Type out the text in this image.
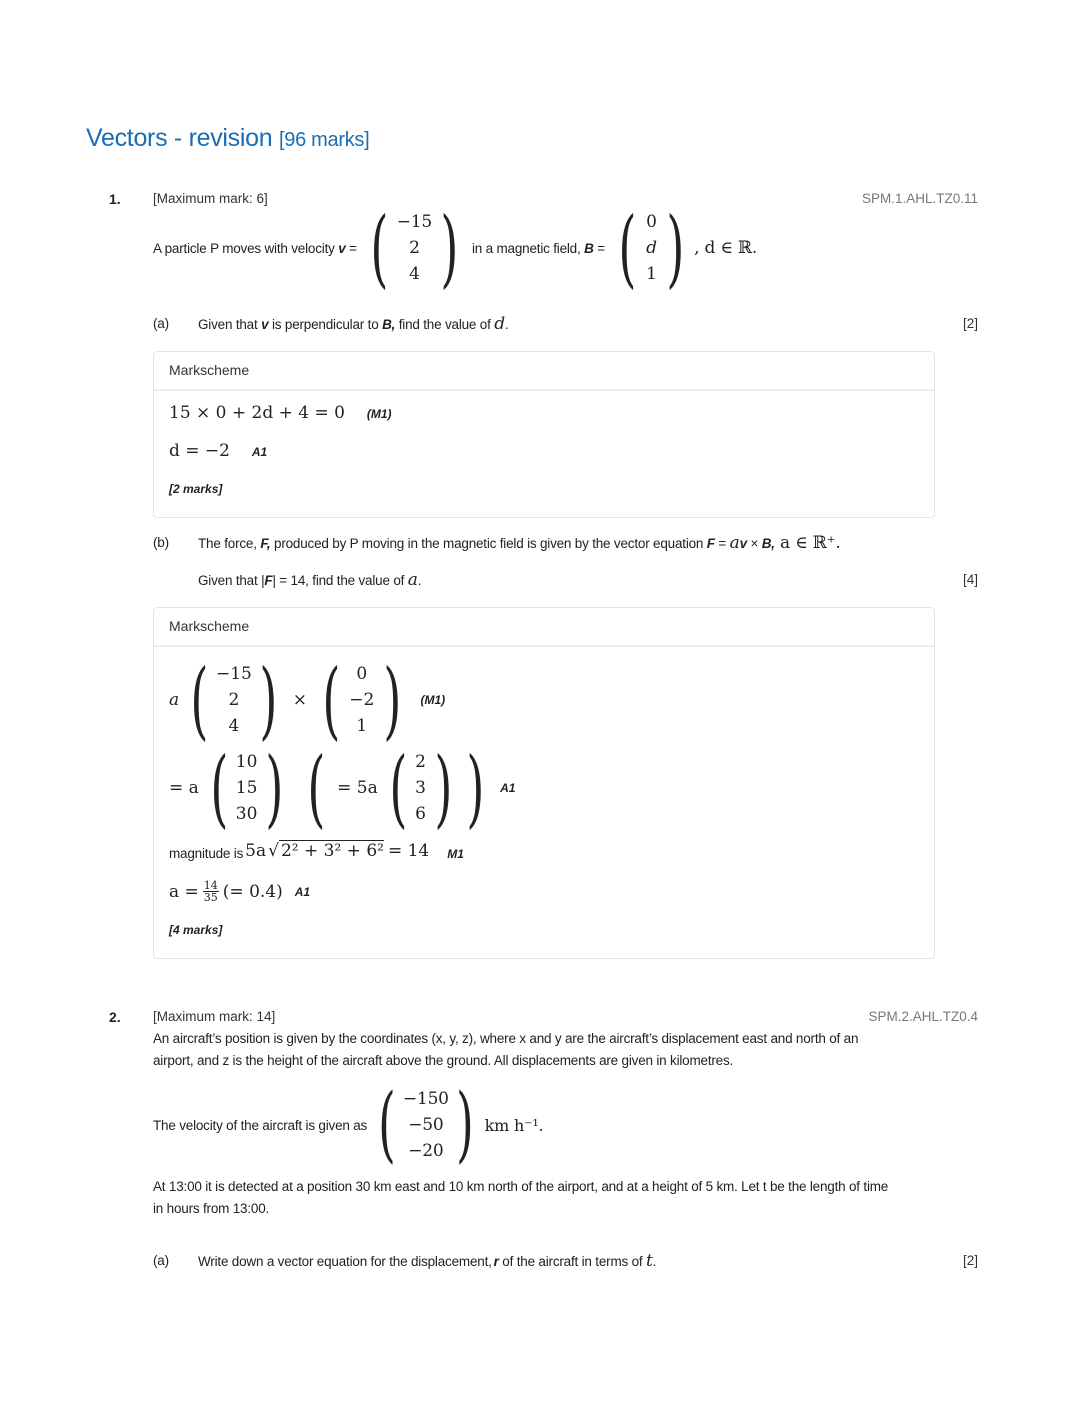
Vectors - revision [96 marks]
1. [Maximum mark: 6]	SPM.1.AHL.TZ0.11
A particle P moves with velocity
v
= ( −15
2
4 ) in a magnetic field,
B
= ( 0
d
1 ) , d ∈ ℝ.
(a) Given that v is perpendicular to B, find the value of d.	[2]
Markscheme
15 × 0 + 2d + 4 = 0 (M1)
d = −2 A1
[2 marks]
(b) The force, F, produced by P moving in the magnetic field is given by the vector equation F = av × B, a ∈ ℝ⁺.
Given that |F| = 14, find the value of a.	[4]
Markscheme
a ( −15
2
4 ) × ( 0
−2
1 ) (M1)
= a ( 10
15
30 ) ( = 5a ( 2
3
6 ) ) A1
magnitude is 5a √ 2² + 3² + 6² = 14 M1
$a = \frac{14}{35}$ (= 0.4) A1
[4 marks]
2. [Maximum mark: 14]	SPM.2.AHL.TZ0.4
An aircraft’s position is given by the coordinates (x, y, z), where x and y are the aircraft’s displacement east and north of an
airport, and z is the height of the aircraft above the ground. All displacements are given in kilometres.
The velocity of the aircraft is given as ( −150
−50
−20 ) km h⁻¹.
At 13:00 it is detected at a position 30 km east and 10 km north of the airport, and at a height of 5 km. Let t be the length of time
in hours from 13:00.
(a) Write down a vector equation for the displacement, r of the aircraft in terms of t.	[2]
